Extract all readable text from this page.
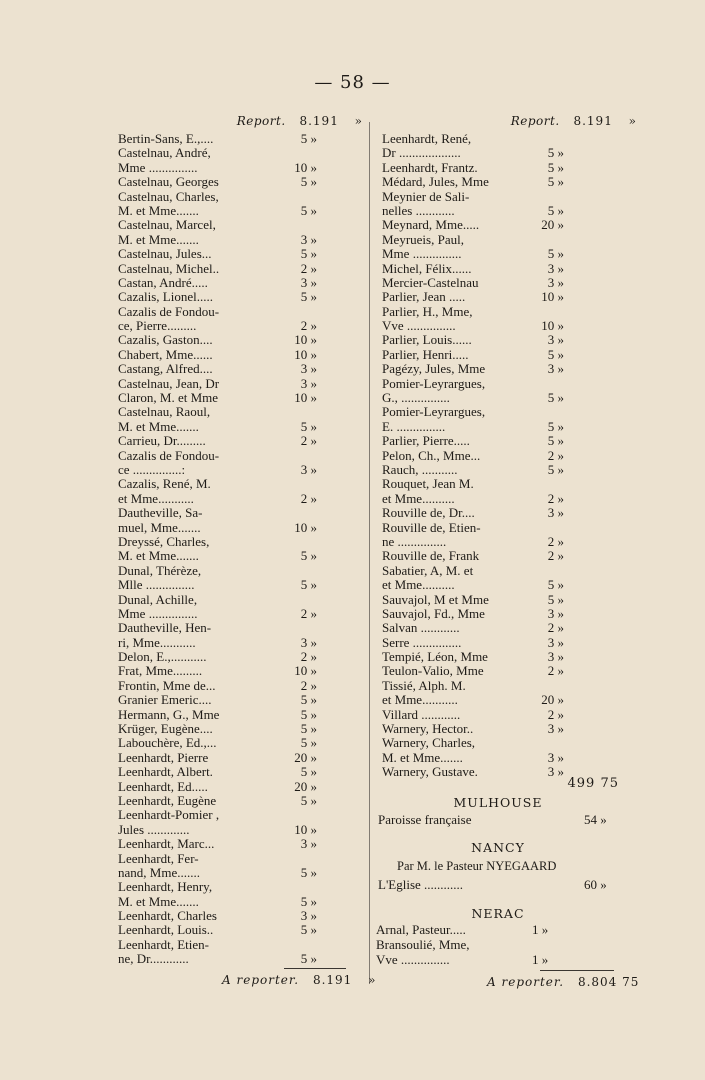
— 58 —
Report. 8.191 »
Bertin-Sans, E.,....	5 »
Castelnau, André,
Mme ...............	10 »
Castelnau, Georges	5 »
Castelnau, Charles,
M. et Mme.......	5 »
Castelnau, Marcel,
M. et Mme.......	3 »
Castelnau, Jules...	5 »
Castelnau, Michel..	2 »
Castan, André.....	3 »
Cazalis, Lionel.....	5 »
Cazalis de Fondou-
ce, Pierre.........	2 »
Cazalis, Gaston....	10 »
Chabert, Mme......	10 »
Castang, Alfred....	3 »
Castelnau, Jean, Dr	3 »
Claron, M. et Mme	10 »
Castelnau, Raoul,
M. et Mme.......	5 »
Carrieu, Dr.........	2 »
Cazalis de Fondou-
ce ...............:	3 »
Cazalis, René, M.
et Mme...........	2 »
Dautheville, Sa-
muel, Mme.......	10 »
Dreyssé, Charles,
M. et Mme.......	5 »
Dunal, Thérèze,
Mlle ...............	5 »
Dunal, Achille,
Mme ...............	2 »
Dautheville, Hen-
ri, Mme...........	3 »
Delon, E.,...........	2 »
Frat, Mme.........	10 »
Frontin, Mme de...	2 »
Granier Emeric....	5 »
Hermann, G., Mme	5 »
Krüger, Eugène....	5 »
Labouchère, Ed.,...	5 »
Leenhardt, Pierre	20 »
Leenhardt, Albert.	5 »
Leenhardt, Ed.....	20 »
Leenhardt, Eugène	5 »
Leenhardt-Pomier ,
Jules .............	10 »
Leenhardt, Marc...	3 »
Leenhardt, Fer-
nand, Mme.......	5 »
Leenhardt, Henry,
M. et Mme.......	5 »
Leenhardt, Charles	3 »
Leenhardt, Louis..	5 »
Leenhardt, Etien-
ne, Dr............	5 »
Report. 8.191 »
Leenhardt, René,
Dr ...................	5 »
Leenhardt, Frantz.	5 »
Médard, Jules, Mme	5 »
Meynier de Sali-
nelles ............	5 »
Meynard, Mme.....	20 »
Meyrueis, Paul,
Mme ...............	5 »
Michel, Félix......	3 »
Mercier-Castelnau	3 »
Parlier, Jean .....	10 »
Parlier, H., Mme,
Vve ...............	10 »
Parlier, Louis......	3 »
Parlier, Henri.....	5 »
Pagézy, Jules, Mme	3 »
Pomier-Leyrargues,
G., ...............	5 »
Pomier-Leyrargues,
E. ...............	5 »
Parlier, Pierre.....	5 »
Pelon, Ch., Mme...	2 »
Rauch, ...........	5 »
Rouquet, Jean M.
et Mme..........	2 »
Rouville de, Dr....	3 »
Rouville de, Etien-
ne ...............	2 »
Rouville de, Frank	2 »
Sabatier, A, M. et
et Mme..........	5 »
Sauvajol, M et Mme	5 »
Sauvajol, Fd., Mme	3 »
Salvan ............	2 »
Serre ...............	3 »
Tempié, Léon, Mme	3 »
Teulon-Valio, Mme	2 »
Tissié, Alph. M.
et Mme...........	20 »
Villard ............	2 »
Warnery, Hector..	3 »
Warnery, Charles,
M. et Mme.......	3 »
Warnery, Gustave.	3 »
499 75
MULHOUSE
Paroisse française	54 »
NANCY
Par M. le Pasteur NYEGAARD
L'Eglise ............	60 »
NERAC
Arnal, Pasteur.....	1 »
Bransoulié, Mme,
Vve ...............	1 »
A reporter. 8.191 »	A reporter. 8.804 75
